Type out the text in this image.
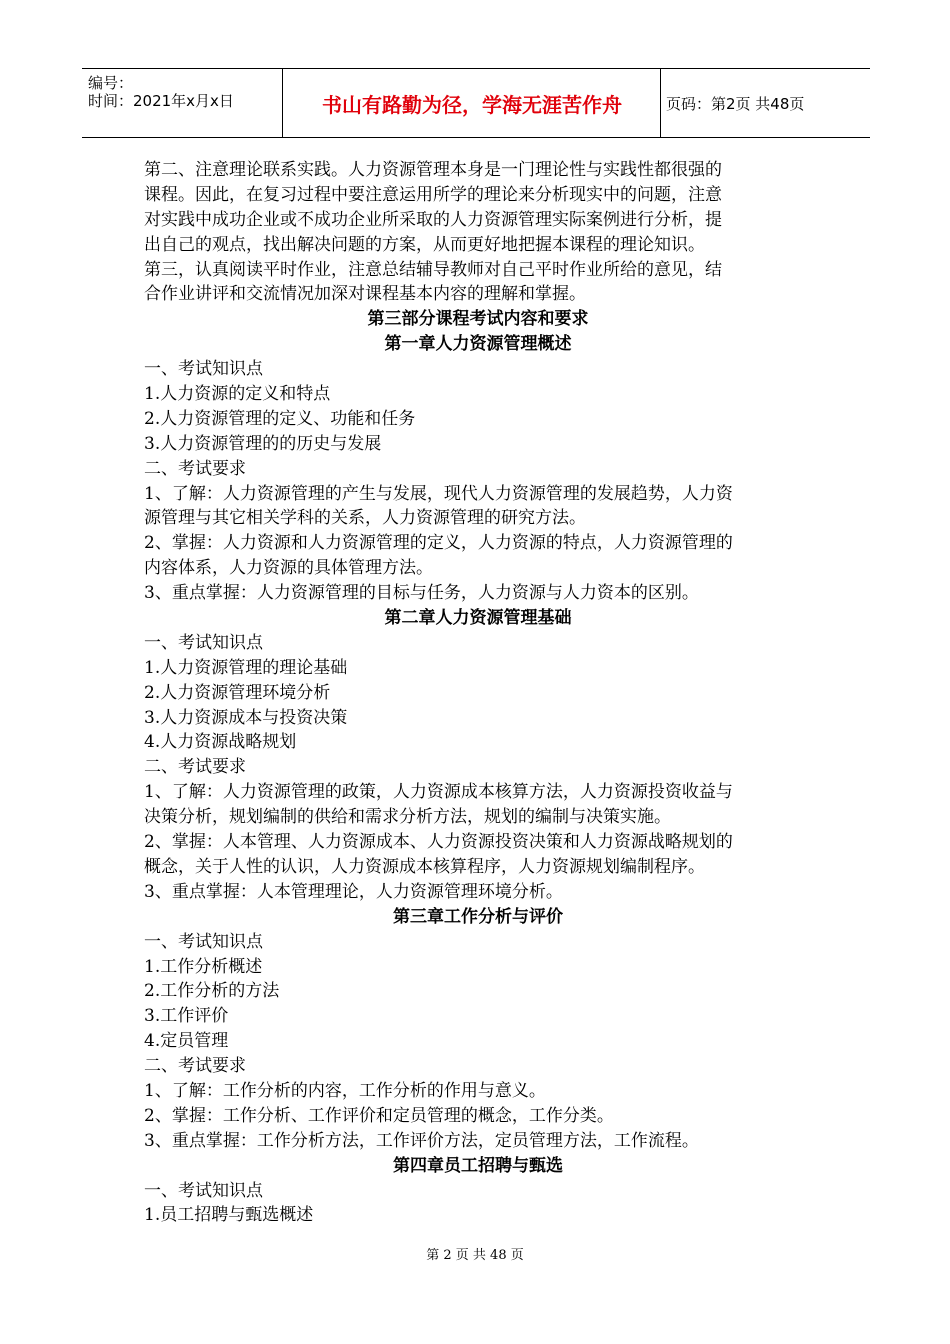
编号：
时间：2021年x月x日	书山有路勤为径，学海无涯苦作舟	页码：第2页 共48页
第二、注意理论联系实践。人力资源管理本身是一门理论性与实践性都很强的
课程。因此，在复习过程中要注意运用所学的理论来分析现实中的问题，注意
对实践中成功企业或不成功企业所采取的人力资源管理实际案例进行分析，提
出自己的观点，找出解决问题的方案，从而更好地把握本课程的理论知识。
第三，认真阅读平时作业，注意总结辅导教师对自己平时作业所给的意见，结
合作业讲评和交流情况加深对课程基本内容的理解和掌握。
第三部分课程考试内容和要求
第一章人力资源管理概述
一、考试知识点
1.人力资源的定义和特点
2.人力资源管理的定义、功能和任务
3.人力资源管理的的历史与发展
二、考试要求
1、了解：人力资源管理的产生与发展，现代人力资源管理的发展趋势，人力资
源管理与其它相关学科的关系，人力资源管理的研究方法。
2、掌握：人力资源和人力资源管理的定义，人力资源的特点，人力资源管理的
内容体系，人力资源的具体管理方法。
3、重点掌握：人力资源管理的目标与任务，人力资源与人力资本的区别。
第二章人力资源管理基础
一、考试知识点
1.人力资源管理的理论基础
2.人力资源管理环境分析
3.人力资源成本与投资决策
4.人力资源战略规划
二、考试要求
1、了解：人力资源管理的政策，人力资源成本核算方法，人力资源投资收益与
决策分析，规划编制的供给和需求分析方法，规划的编制与决策实施。
2、掌握：人本管理、人力资源成本、人力资源投资决策和人力资源战略规划的
概念，关于人性的认识，人力资源成本核算程序，人力资源规划编制程序。
3、重点掌握：人本管理理论，人力资源管理环境分析。
第三章工作分析与评价
一、考试知识点
1.工作分析概述
2.工作分析的方法
3.工作评价
4.定员管理
二、考试要求
1、了解：工作分析的内容，工作分析的作用与意义。
2、掌握：工作分析、工作评价和定员管理的概念，工作分类。
3、重点掌握：工作分析方法，工作评价方法，定员管理方法，工作流程。
第四章员工招聘与甄选
一、考试知识点
1.员工招聘与甄选概述
第 2 页 共 48 页
